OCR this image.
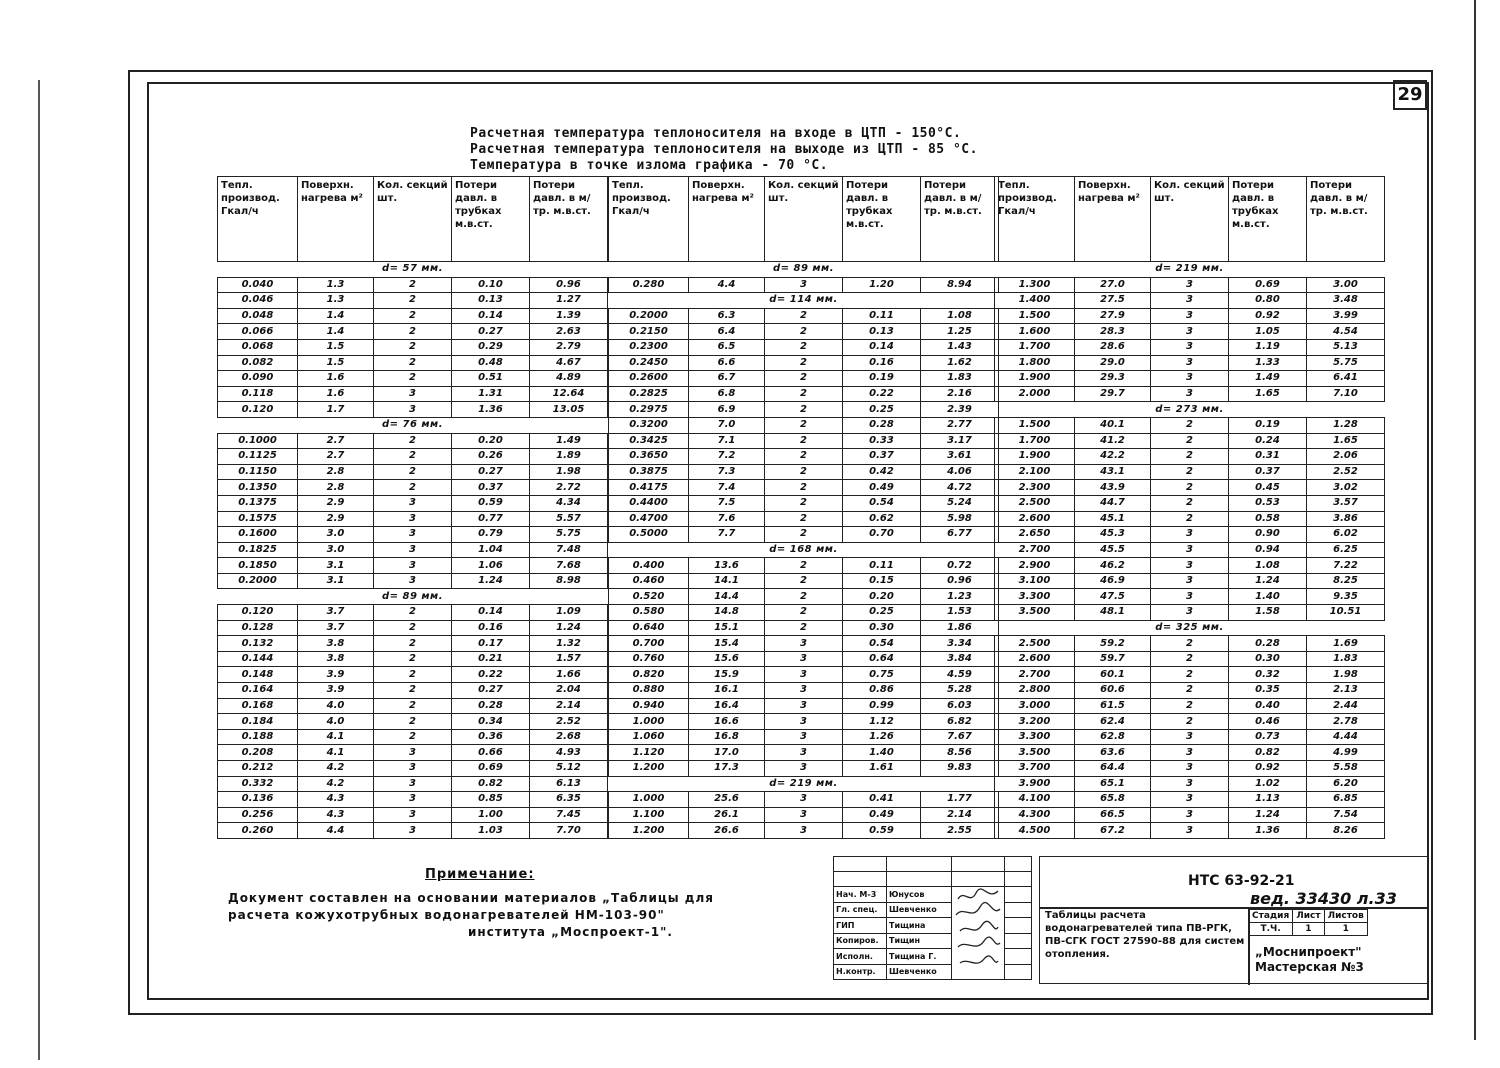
29
Расчетная температура теплоносителя на входе в ЦТП - 150°С.
Расчетная температура теплоносителя на выходе из ЦТП - 85 °С.
Температура в точке излома графика - 70 °С.
Тепл. производ. Гкал/ч	Поверхн. нагрева м²	Кол. секций шт.	Потери давл. в трубках м.в.ст.	Потери давл. в м/тр. м.в.ст.
d= 57 мм.				
0.040	1.3	2	0.10	0.96
0.046	1.3	2	0.13	1.27
0.048	1.4	2	0.14	1.39
0.066	1.4	2	0.27	2.63
0.068	1.5	2	0.29	2.79
0.082	1.5	2	0.48	4.67
0.090	1.6	2	0.51	4.89
0.118	1.6	3	1.31	12.64
0.120	1.7	3	1.36	13.05
d= 76 мм.				
0.1000	2.7	2	0.20	1.49
0.1125	2.7	2	0.26	1.89
0.1150	2.8	2	0.27	1.98
0.1350	2.8	2	0.37	2.72
0.1375	2.9	3	0.59	4.34
0.1575	2.9	3	0.77	5.57
0.1600	3.0	3	0.79	5.75
0.1825	3.0	3	1.04	7.48
0.1850	3.1	3	1.06	7.68
0.2000	3.1	3	1.24	8.98
d= 89 мм.				
0.120	3.7	2	0.14	1.09
0.128	3.7	2	0.16	1.24
0.132	3.8	2	0.17	1.32
0.144	3.8	2	0.21	1.57
0.148	3.9	2	0.22	1.66
0.164	3.9	2	0.27	2.04
0.168	4.0	2	0.28	2.14
0.184	4.0	2	0.34	2.52
0.188	4.1	2	0.36	2.68
0.208	4.1	3	0.66	4.93
0.212	4.2	3	0.69	5.12
0.332	4.2	3	0.82	6.13
0.136	4.3	3	0.85	6.35
0.256	4.3	3	1.00	7.45
0.260	4.4	3	1.03	7.70
Тепл. производ. Гкал/ч	Поверхн. нагрева м²	Кол. секций шт.	Потери давл. в трубках м.в.ст.	Потери давл. в м/тр. м.в.ст.
d= 89 мм.				
0.280	4.4	3	1.20	8.94
d= 114 мм.				
0.2000	6.3	2	0.11	1.08
0.2150	6.4	2	0.13	1.25
0.2300	6.5	2	0.14	1.43
0.2450	6.6	2	0.16	1.62
0.2600	6.7	2	0.19	1.83
0.2825	6.8	2	0.22	2.16
0.2975	6.9	2	0.25	2.39
0.3200	7.0	2	0.28	2.77
0.3425	7.1	2	0.33	3.17
0.3650	7.2	2	0.37	3.61
0.3875	7.3	2	0.42	4.06
0.4175	7.4	2	0.49	4.72
0.4400	7.5	2	0.54	5.24
0.4700	7.6	2	0.62	5.98
0.5000	7.7	2	0.70	6.77
d= 168 мм.				
0.400	13.6	2	0.11	0.72
0.460	14.1	2	0.15	0.96
0.520	14.4	2	0.20	1.23
0.580	14.8	2	0.25	1.53
0.640	15.1	2	0.30	1.86
0.700	15.4	3	0.54	3.34
0.760	15.6	3	0.64	3.84
0.820	15.9	3	0.75	4.59
0.880	16.1	3	0.86	5.28
0.940	16.4	3	0.99	6.03
1.000	16.6	3	1.12	6.82
1.060	16.8	3	1.26	7.67
1.120	17.0	3	1.40	8.56
1.200	17.3	3	1.61	9.83
d= 219 мм.				
1.000	25.6	3	0.41	1.77
1.100	26.1	3	0.49	2.14
1.200	26.6	3	0.59	2.55
Тепл. производ. Гкал/ч	Поверхн. нагрева м²	Кол. секций шт.	Потери давл. в трубках м.в.ст.	Потери давл. в м/тр. м.в.ст.
d= 219 мм.				
1.300	27.0	3	0.69	3.00
1.400	27.5	3	0.80	3.48
1.500	27.9	3	0.92	3.99
1.600	28.3	3	1.05	4.54
1.700	28.6	3	1.19	5.13
1.800	29.0	3	1.33	5.75
1.900	29.3	3	1.49	6.41
2.000	29.7	3	1.65	7.10
d= 273 мм.				
1.500	40.1	2	0.19	1.28
1.700	41.2	2	0.24	1.65
1.900	42.2	2	0.31	2.06
2.100	43.1	2	0.37	2.52
2.300	43.9	2	0.45	3.02
2.500	44.7	2	0.53	3.57
2.600	45.1	2	0.58	3.86
2.650	45.3	3	0.90	6.02
2.700	45.5	3	0.94	6.25
2.900	46.2	3	1.08	7.22
3.100	46.9	3	1.24	8.25
3.300	47.5	3	1.40	9.35
3.500	48.1	3	1.58	10.51
d= 325 мм.				
2.500	59.2	2	0.28	1.69
2.600	59.7	2	0.30	1.83
2.700	60.1	2	0.32	1.98
2.800	60.6	2	0.35	2.13
3.000	61.5	2	0.40	2.44
3.200	62.4	2	0.46	2.78
3.300	62.8	3	0.73	4.44
3.500	63.6	3	0.82	4.99
3.700	64.4	3	0.92	5.58
3.900	65.1	3	1.02	6.20
4.100	65.8	3	1.13	6.85
4.300	66.5	3	1.24	7.54
4.500	67.2	3	1.36	8.26
Примечание:
Документ составлен на основании материалов „Таблицы для
расчета кожухотрубных водонагревателей НМ-103-90"
института „Моспроект-1".

Нач. М-3	Юнусов		
Гл. спец.	Шевченко		
ГИП	Тищина		
Копиров.	Тищин		
Исполн.	Тищина Г.		
Н.контр.	Шевченко		
НТС 63-92-21
вед. 33430 л.33
Таблицы расчета водонагревателей типа ПВ-РГК, ПВ-СГК ГОСТ 27590-88 для систем отопления.
Стадия	Лист	Листов
Т.Ч.	1	1
„Моснипроект"
Мастерская №3
